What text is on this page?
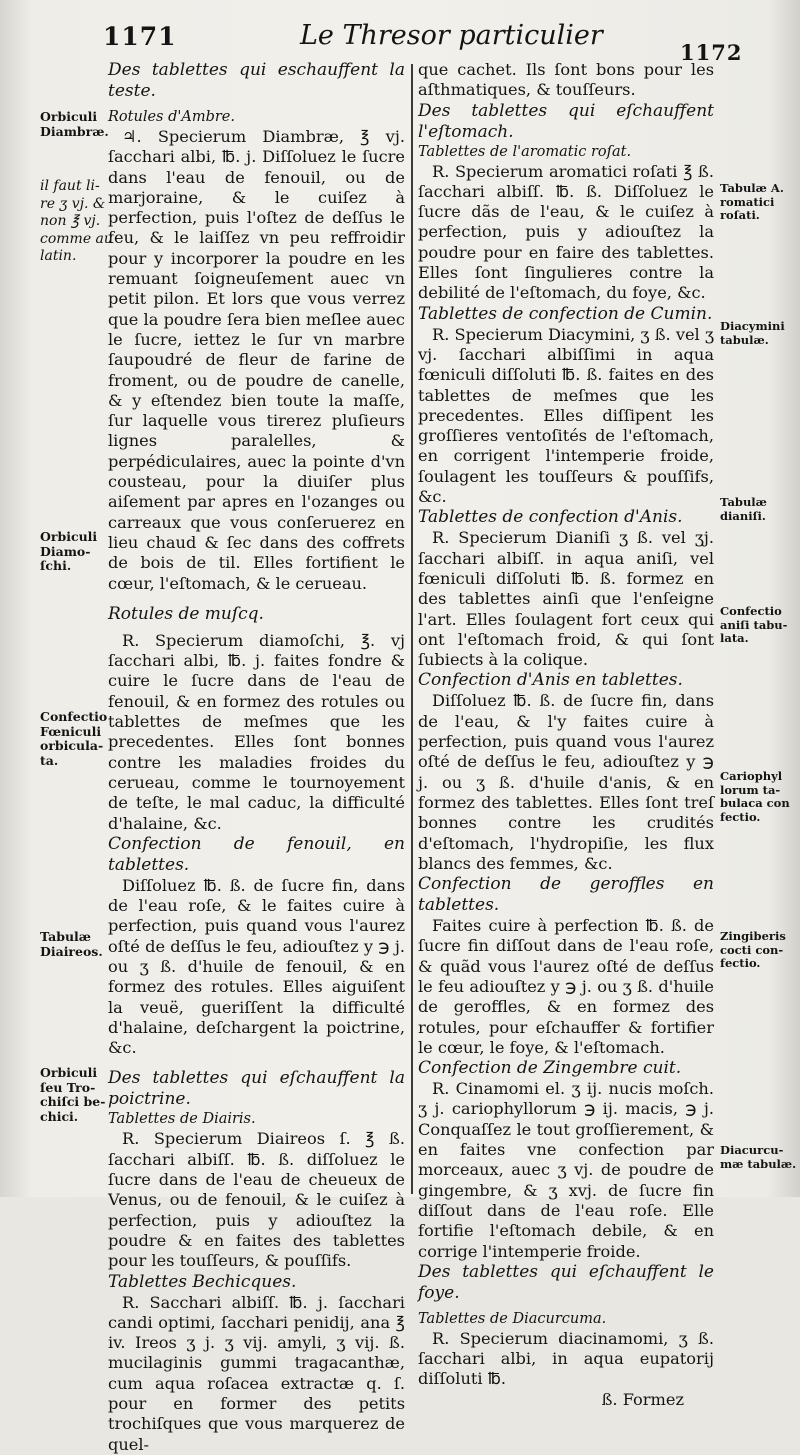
1171	Le Thresor particulier
1172

Des tablettes qui eschauffent la teste.

Rotules d'Ambre.

♃. Specierum Diambræ, ℥ vj. ſacchari albi, ℔. j. Diſſoluez le ſucre dans l'eau de fenouil, ou de marjoraine, & le cuiſez à perfection, puis l'oſtez de deſſus le feu, & le laiſſez vn peu reffroidir pour y incorporer la poudre en les remuant ſoigneuſement auec vn petit pilon. Et lors que vous verrez que la poudre ſera bien meſlee auec le ſucre, iettez le ſur vn marbre ſaupoudré de fleur de farine de froment, ou de poudre de canelle, & y eſtendez bien toute la maſſe, ſur laquelle vous tirerez pluſieurs lignes paralelles, & perpédiculaires, auec la pointe d'vn cousteau, pour la diuiſer plus aiſement par apres en l'ozanges ou carreaux que vous conſeruerez en lieu chaud & ſec dans des coffrets de bois de til. Elles fortifient le cœur, l'eſtomach, & le cerueau.

Rotules de muſcq.

R. Specierum diamoſchi, ℥. vj ſacchari albi, ℔. j. faites fondre & cuire le ſucre dans de l'eau de fenouil, & en formez des rotules ou tablettes de meſmes que les precedentes. Elles ſont bonnes contre les maladies froides du cerueau, comme le tournoyement de teſte, le mal caduc, la difficulté d'halaine, &c.

Confection de fenouil, en tablettes.

Diſſoluez ℔. ß. de ſucre fin, dans de l'eau roſe, & le faites cuire à perfection, puis quand vous l'aurez oſté de deſſus le feu, adiouſtez y ℈ j. ou ʒ ß. d'huile de fenouil, & en formez des rotules. Elles aiguiſent la veuë, gueriſſent la difficulté d'halaine, deſchargent la poictrine, &c.

Des tablettes qui eſchauffent la poictrine.

Tablettes de Diairis.

R. Specierum Diaireos ſ. ℥ ß. ſacchari albiſſ. ℔. ß. diſſoluez le ſucre dans de l'eau de cheueux de Venus, ou de fenouil, & le cuiſez à perfection, puis y adiouſtez la poudre & en faites des tablettes pour les touſſeurs, & pouſſifs.

Tablettes Bechicques.

R. Sacchari albiſſ. ℔. j. ſacchari candi optimi, ſacchari penidij, ana ℥ iv. Ireos ʒ j. ʒ vij. amyli, ʒ vij. ß. mucilaginis gummi tragacanthæ, cum aqua roſacea extractæ q. ſ. pour en former des petits trochiſques que vous marquerez de quel-

que cachet. Ils ſont bons pour les aſthmatiques, & touſſeurs.

Des tablettes qui eſchauffent l'eſtomach.

Tablettes de l'aromatic roſat.

R. Specierum aromatici roſati ℥ ß. ſacchari albiſſ. ℔. ß. Diſſoluez le ſucre dãs de l'eau, & le cuiſez à perfection, puis y adiouſtez la poudre pour en faire des tablettes. Elles ſont ſingulieres contre la debilité de l'eſtomach, du foye, &c.

Tablettes de confection de Cumin.

R. Specierum Diacymini, ʒ ß. vel ʒ vj. ſacchari albiſſimi in aqua fœniculi diſſoluti ℔. ß. faites en des tablettes de meſmes que les precedentes. Elles diſſipent les groſſieres ventoſités de l'eſtomach, en corrigent l'intemperie froide, ſoulagent les touſſeurs & pouſſifs, &c.

Tablettes de confection d'Anis.

R. Specierum Dianiſi ʒ ß. vel ʒj. ſacchari albiſſ. in aqua aniſi, vel fœniculi diſſoluti ℔. ß. formez en des tablettes ainſi que l'enſeigne l'art. Elles ſoulagent fort ceux qui ont l'eſtomach froid, & qui ſont ſubiects à la colique.

Confection d'Anis en tablettes.

Diſſoluez ℔. ß. de ſucre fin, dans de l'eau, & l'y faites cuire à perfection, puis quand vous l'aurez oſté de deſſus le feu, adiouſtez y ℈ j. ou ʒ ß. d'huile d'anis, & en formez des tablettes. Elles ſont treſ bonnes contre les crudités d'eſtomach, l'hydropiſie, les flux blancs des femmes, &c.

Confection de geroffles en tablettes.

Faites cuire à perfection ℔. ß. de ſucre fin diſſout dans de l'eau roſe, & quãd vous l'aurez oſté de deſſus le feu adiouſtez y ℈ j. ou ʒ ß. d'huile de geroffles, & en formez des rotules, pour eſchauffer & fortifier le cœur, le foye, & l'eſtomach.

Confection de Zingembre cuit.

R. Cinamomi el. ʒ ij. nucis moſch. ʒ j. cariophyllorum ℈ ij. macis, ℈ j. Conquaſſez le tout groſſierement, & en faites vne confection par morceaux, auec ʒ vj. de poudre de gingembre, & ʒ xvj. de ſucre fin diſſout dans de l'eau roſe. Elle fortifie l'eſtomach debile, & en corrige l'intemperie froide.

Des tablettes qui eſchauffent le foye.

Tablettes de Diacurcuma.

R. Specierum diacinamomi, ʒ ß. ſacchari albi, in aqua eupatorij diſſoluti ℔.

ß. Formez

Orbiculi
Diambræ.
il faut li-
re ʒ vj. &
non ℥ vj.
comme au
latin.
Orbiculi
Diamo-
ſchi.
Confectio
Fœniculi
orbicula-
ta.
Tabulæ
Diaireos.
Orbiculi
ſeu Tro-
chiſci be-
chici.
Tabulæ A.
romatici
roſati.
Diacymini
tabulæ.
Tabulæ
dianiſi.
Confectio
aniſi tabu-
lata.
Cariophyl
lorum ta-
bulaca con
fectio.
Zingiberis
cocti con-
fectio.
Diacurcu-
mæ tabulæ.
